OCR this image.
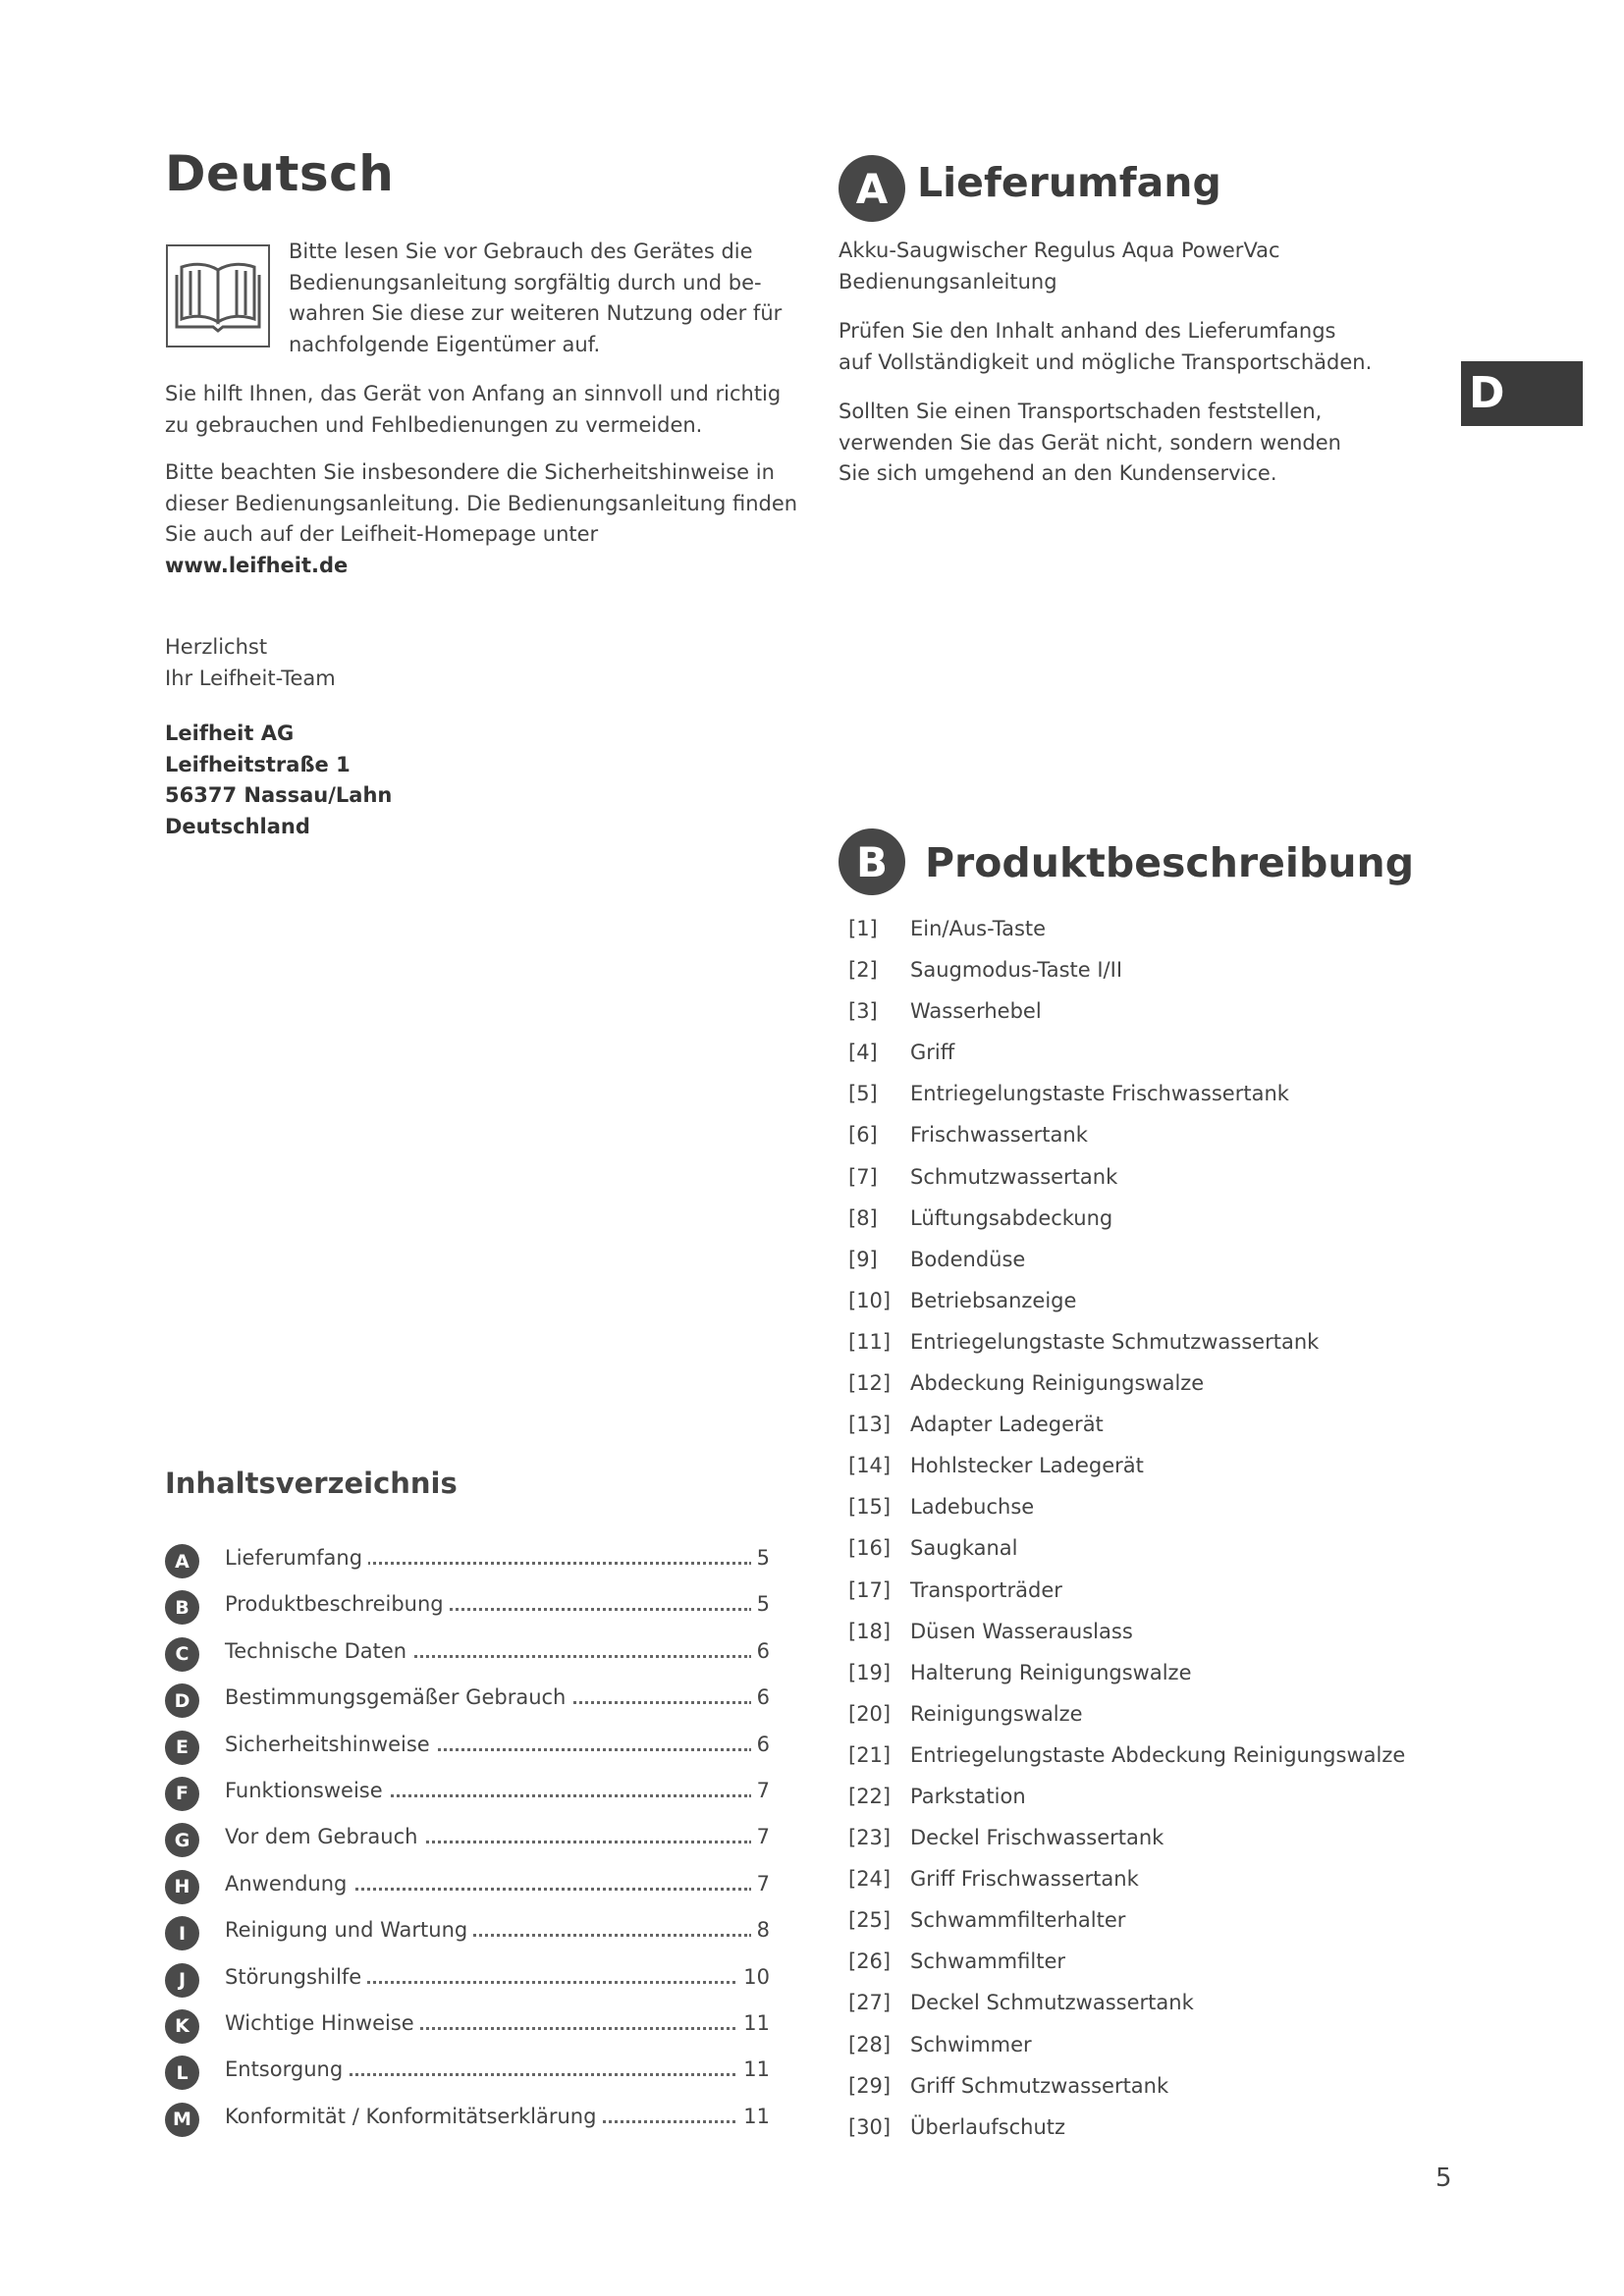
Deutsch

Bitte lesen Sie vor Gebrauch des Gerätes die Bedienungsanleitung sorgfältig durch und be-wahren Sie diese zur weiteren Nutzung oder für nachfolgende Eigentümer auf.

Sie hilft Ihnen, das Gerät von Anfang an sinnvoll und richtig zu gebrauchen und Fehlbedienungen zu vermeiden.

Bitte beachten Sie insbesondere die Sicherheitshinweise in dieser Bedienungsanleitung. Die Bedienungsanleitung finden Sie auch auf der Leifheit-Homepage unter
www.leifheit.de

Herzlichst
Ihr Leifheit-Team

Leifheit AG
Leifheitstraße 1
56377 Nassau/Lahn
Deutschland

Inhaltsverzeichnis
A	Lieferumfang	5
B	Produktbeschreibung	5
C	Technische Daten	6
D	Bestimmungsgemäßer Gebrauch	6
E	Sicherheitshinweise	6
F	Funktionsweise	7
G	Vor dem Gebrauch	7
H	Anwendung	7
I	Reinigung und Wartung	8
J	Störungshilfe	10
K	Wichtige Hinweise	11
L	Entsorgung	11
M	Konformität / Konformitätserklärung	11
A Lieferumfang

Akku-Saugwischer Regulus Aqua PowerVac
Bedienungsanleitung

Prüfen Sie den Inhalt anhand des Lieferumfangs
auf Vollständigkeit und mögliche Transportschäden.

Sollten Sie einen Transportschaden feststellen,
verwenden Sie das Gerät nicht, sondern wenden
Sie sich umgehend an den Kundenservice.

D
B Produktbeschreibung
[1] Ein/Aus-Taste
[2] Saugmodus-Taste I/II
[3] Wasserhebel
[4] Griff
[5] Entriegelungstaste Frischwassertank
[6] Frischwassertank
[7] Schmutzwassertank
[8] Lüftungsabdeckung
[9] Bodendüse
[10] Betriebsanzeige
[11] Entriegelungstaste Schmutzwassertank
[12] Abdeckung Reinigungswalze
[13] Adapter Ladegerät
[14] Hohlstecker Ladegerät
[15] Ladebuchse
[16] Saugkanal
[17] Transporträder
[18] Düsen Wasserauslass
[19] Halterung Reinigungswalze
[20] Reinigungswalze
[21] Entriegelungstaste Abdeckung Reinigungswalze
[22] Parkstation
[23] Deckel Frischwassertank
[24] Griff Frischwassertank
[25] Schwammfilterhalter
[26] Schwammfilter
[27] Deckel Schmutzwassertank
[28] Schwimmer
[29] Griff Schmutzwassertank
[30] Überlaufschutz
5
